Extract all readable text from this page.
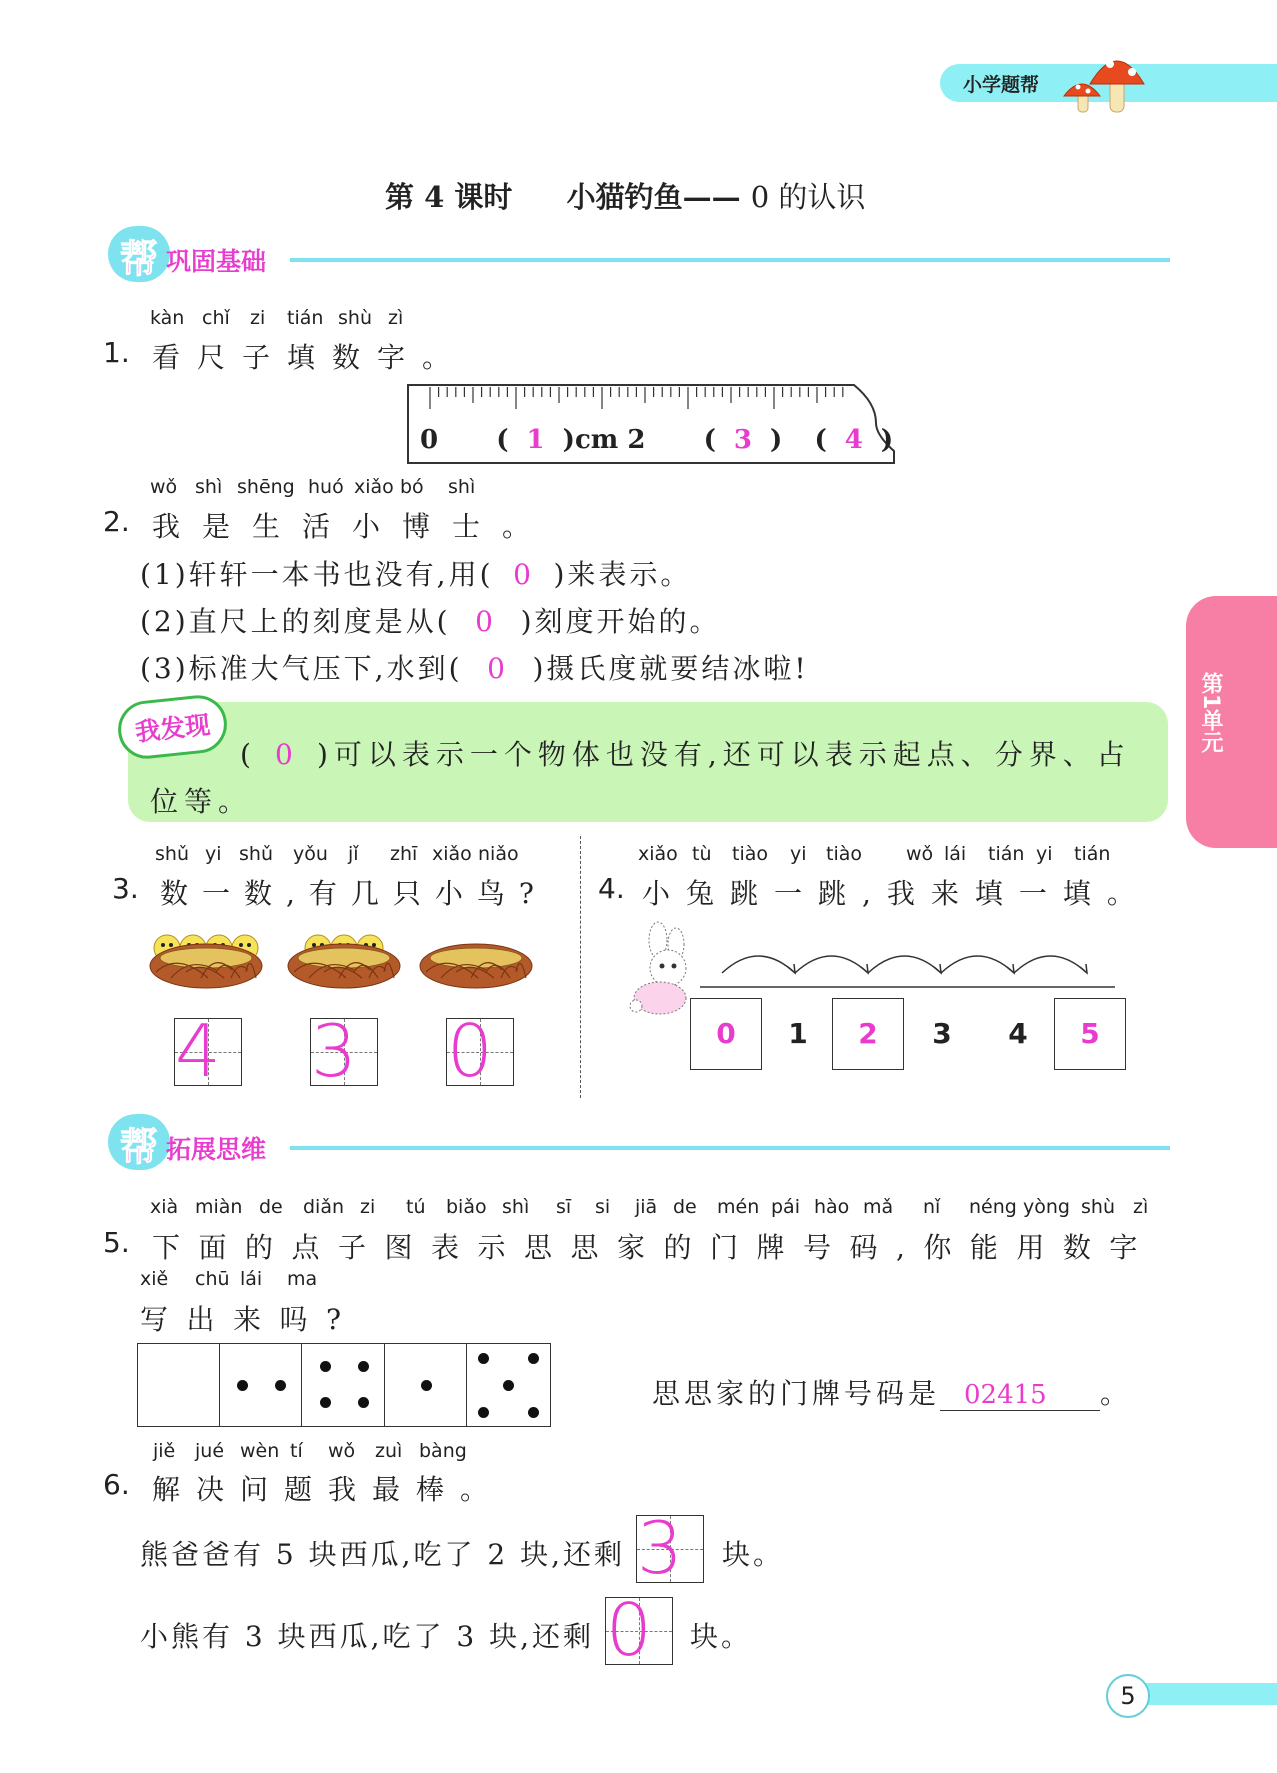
小学题帮
第1单元
第 4 课时 小猫钓鱼—— 0 的认识
帮 巩固基础
kàn chǐ zi tián shù zì
1. 看尺子填数字。
0 ( 1 )cm 2 ( 3 ) ( 4 )
wǒ shì shēng huó xiǎo bó shì
2. 我是生活小博士。
(1)轩轩一本书也没有,用( 0 )来表示。
(2)直尺上的刻度是从( 0 )刻度开始的。
(3)标准大气压下,水到( 0 )摄氏度就要结冰啦!
我发现
( 0 )可以表示一个物体也没有,还可以表示起点、分界、占
位等。
shǔ yi shǔ yǒu jǐ zhī xiǎo niǎo
3. 数一数,有几只小鸟?
4 3 0
xiǎo tù tiào yi tiào wǒ lái tián yi tián
4. 小兔跳一跳,我来填一填。
0	1	2	3	4	5
帮 拓展思维
xià miàn de diǎn zi tú biǎo shì sī si jiā de mén pái hào mǎ nǐ néng yòng shù zì
5. 下面的点子图表示思思家的门牌号码,你能用数字
xiě chū lái ma
写出来吗?
思思家的门牌号码是 02415 。
jiě jué wèn tí wǒ zuì bàng
6. 解决问题我最棒。
熊爸爸有 5 块西瓜,吃了 2 块,还剩 3 块。
小熊有 3 块西瓜,吃了 3 块,还剩 0 块。
5
